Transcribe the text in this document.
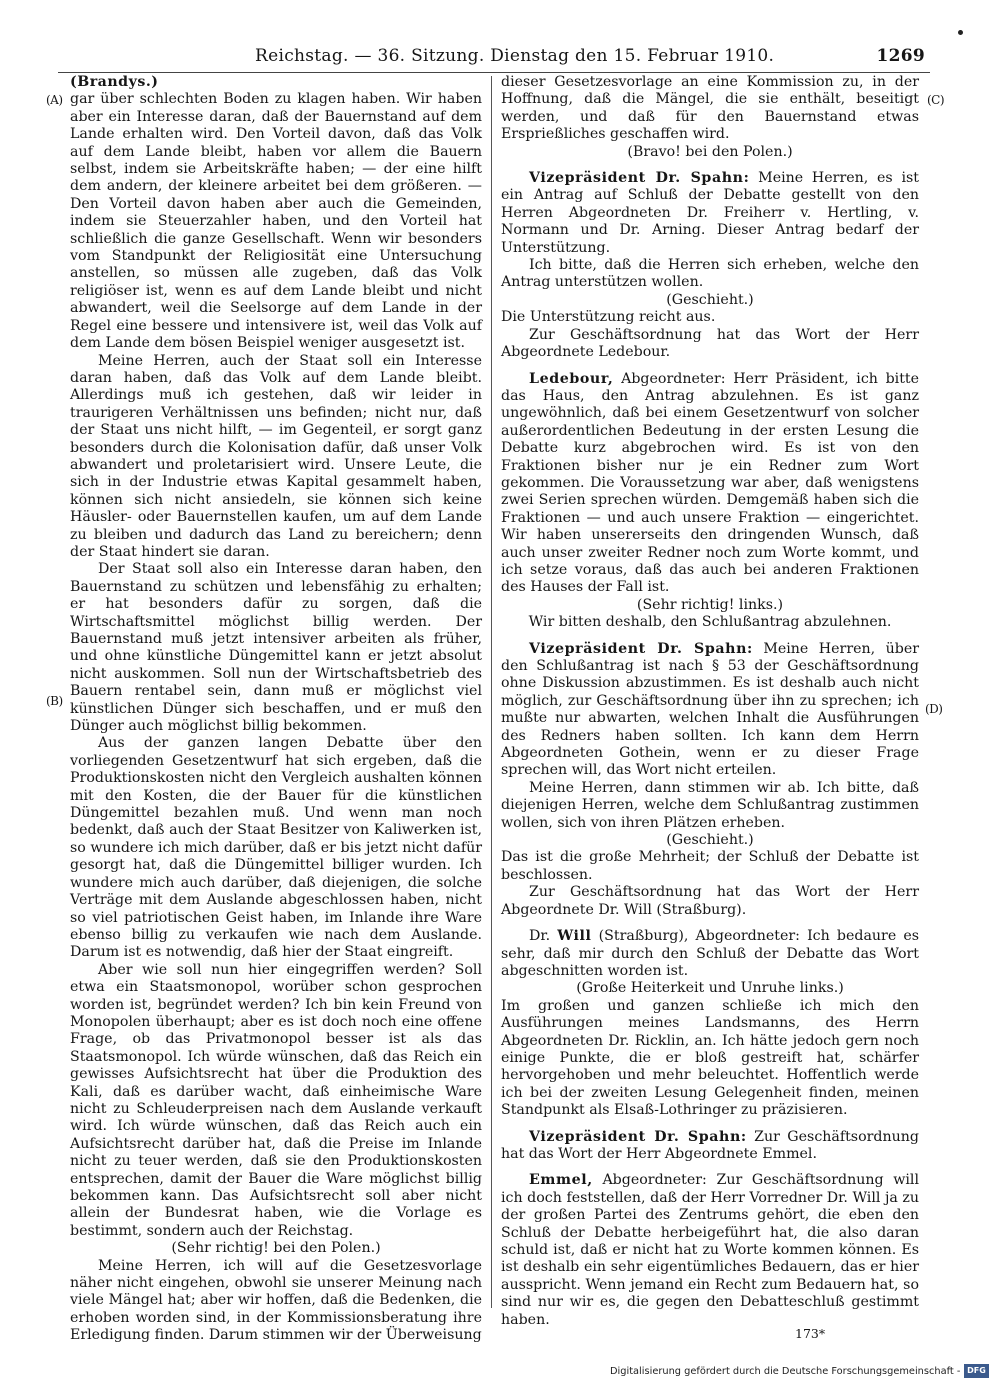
Reichstag. — 36. Sitzung. Dienstag den 15. Februar 1910.	1269
(A)
(B)
(C)
(D)

(Brandys.)

gar über schlechten Boden zu klagen haben. Wir haben aber ein Interesse daran, daß der Bauernstand auf dem Lande erhalten wird. Den Vorteil davon, daß das Volk auf dem Lande bleibt, haben vor allem die Bauern selbst, indem sie Arbeitskräfte haben; — der eine hilft dem andern, der kleinere arbeitet bei dem größeren. — Den Vorteil davon haben aber auch die Gemeinden, indem sie Steuerzahler haben, und den Vorteil hat schließlich die ganze Gesellschaft. Wenn wir besonders vom Standpunkt der Religiosität eine Untersuchung anstellen, so müssen alle zugeben, daß das Volk religiöser ist, wenn es auf dem Lande bleibt und nicht abwandert, weil die Seelsorge auf dem Lande in der Regel eine bessere und intensivere ist, weil das Volk auf dem Lande dem bösen Beispiel weniger ausgesetzt ist.

Meine Herren, auch der Staat soll ein Interesse daran haben, daß das Volk auf dem Lande bleibt. Allerdings muß ich gestehen, daß wir leider in traurigeren Verhältnissen uns befinden; nicht nur, daß der Staat uns nicht hilft, — im Gegenteil, er sorgt ganz besonders durch die Kolonisation dafür, daß unser Volk abwandert und proletarisiert wird. Unsere Leute, die sich in der Industrie etwas Kapital gesammelt haben, können sich nicht ansiedeln, sie können sich keine Häusler- oder Bauernstellen kaufen, um auf dem Lande zu bleiben und dadurch das Land zu bereichern; denn der Staat hindert sie daran.

Der Staat soll also ein Interesse daran haben, den Bauernstand zu schützen und lebensfähig zu erhalten; er hat besonders dafür zu sorgen, daß die Wirtschaftsmittel möglichst billig werden. Der Bauernstand muß jetzt intensiver arbeiten als früher, und ohne künstliche Düngemittel kann er jetzt absolut nicht auskommen. Soll nun der Wirtschaftsbetrieb des Bauern rentabel sein, dann muß er möglichst viel künstlichen Dünger sich beschaffen, und er muß den Dünger auch möglichst billig bekommen.

Aus der ganzen langen Debatte über den vorliegenden Gesetzentwurf hat sich ergeben, daß die Produktionskosten nicht den Vergleich aushalten können mit den Kosten, die der Bauer für die künstlichen Düngemittel bezahlen muß. Und wenn man noch bedenkt, daß auch der Staat Besitzer von Kaliwerken ist, so wundere ich mich darüber, daß er bis jetzt nicht dafür gesorgt hat, daß die Düngemittel billiger wurden. Ich wundere mich auch darüber, daß diejenigen, die solche Verträge mit dem Auslande abgeschlossen haben, nicht so viel patriotischen Geist haben, im Inlande ihre Ware ebenso billig zu verkaufen wie nach dem Auslande. Darum ist es notwendig, daß hier der Staat eingreift.

Aber wie soll nun hier eingegriffen werden? Soll etwa ein Staatsmonopol, worüber schon gesprochen worden ist, begründet werden? Ich bin kein Freund von Monopolen überhaupt; aber es ist doch noch eine offene Frage, ob das Privatmonopol besser ist als das Staatsmonopol. Ich würde wünschen, daß das Reich ein gewisses Aufsichtsrecht hat über die Produktion des Kali, daß es darüber wacht, daß einheimische Ware nicht zu Schleuderpreisen nach dem Auslande verkauft wird. Ich würde wünschen, daß das Reich auch ein Aufsichtsrecht darüber hat, daß die Preise im Inlande nicht zu teuer werden, daß sie den Produktionskosten entsprechen, damit der Bauer die Ware möglichst billig bekommen kann. Das Aufsichtsrecht soll aber nicht allein der Bundesrat haben, wie die Vorlage es bestimmt, sondern auch der Reichstag.

(Sehr richtig! bei den Polen.)

Meine Herren, ich will auf die Gesetzesvorlage näher nicht eingehen, obwohl sie unserer Meinung nach viele Mängel hat; aber wir hoffen, daß die Bedenken, die erhoben worden sind, in der Kommissionsberatung ihre Erledigung finden. Darum stimmen wir der Überweisung

dieser Gesetzesvorlage an eine Kommission zu, in der Hoffnung, daß die Mängel, die sie enthält, beseitigt werden, und daß für den Bauernstand etwas Ersprießliches geschaffen wird.

(Bravo! bei den Polen.)

Vizepräsident Dr. Spahn: Meine Herren, es ist ein Antrag auf Schluß der Debatte gestellt von den Herren Abgeordneten Dr. Freiherr v. Hertling, v. Normann und Dr. Arning. Dieser Antrag bedarf der Unterstützung.

Ich bitte, daß die Herren sich erheben, welche den Antrag unterstützen wollen.

(Geschieht.)

Die Unterstützung reicht aus.

Zur Geschäftsordnung hat das Wort der Herr Abgeordnete Ledebour.

Ledebour, Abgeordneter: Herr Präsident, ich bitte das Haus, den Antrag abzulehnen. Es ist ganz ungewöhnlich, daß bei einem Gesetzentwurf von solcher außerordentlichen Bedeutung in der ersten Lesung die Debatte kurz abgebrochen wird. Es ist von den Fraktionen bisher nur je ein Redner zum Wort gekommen. Die Voraussetzung war aber, daß wenigstens zwei Serien sprechen würden. Demgemäß haben sich die Fraktionen — und auch unsere Fraktion — eingerichtet. Wir haben unsererseits den dringenden Wunsch, daß auch unser zweiter Redner noch zum Worte kommt, und ich setze voraus, daß das auch bei anderen Fraktionen des Hauses der Fall ist.

(Sehr richtig! links.)

Wir bitten deshalb, den Schlußantrag abzulehnen.

Vizepräsident Dr. Spahn: Meine Herren, über den Schlußantrag ist nach § 53 der Geschäftsordnung ohne Diskussion abzustimmen. Es ist deshalb auch nicht möglich, zur Geschäftsordnung über ihn zu sprechen; ich mußte nur abwarten, welchen Inhalt die Ausführungen des Redners haben sollten. Ich kann dem Herrn Abgeordneten Gothein, wenn er zu dieser Frage sprechen will, das Wort nicht erteilen.

Meine Herren, dann stimmen wir ab. Ich bitte, daß diejenigen Herren, welche dem Schlußantrag zustimmen wollen, sich von ihren Plätzen erheben.

(Geschieht.)

Das ist die große Mehrheit; der Schluß der Debatte ist beschlossen.

Zur Geschäftsordnung hat das Wort der Herr Abgeordnete Dr. Will (Straßburg).

Dr. Will (Straßburg), Abgeordneter: Ich bedaure es sehr, daß mir durch den Schluß der Debatte das Wort abgeschnitten worden ist.

(Große Heiterkeit und Unruhe links.)

Im großen und ganzen schließe ich mich den Ausführungen meines Landsmanns, des Herrn Abgeordneten Dr. Ricklin, an. Ich hätte jedoch gern noch einige Punkte, die er bloß gestreift hat, schärfer hervorgehoben und mehr beleuchtet. Hoffentlich werde ich bei der zweiten Lesung Gelegenheit finden, meinen Standpunkt als Elsaß-Lothringer zu präzisieren.

Vizepräsident Dr. Spahn: Zur Geschäftsordnung hat das Wort der Herr Abgeordnete Emmel.

Emmel, Abgeordneter: Zur Geschäftsordnung will ich doch feststellen, daß der Herr Vorredner Dr. Will ja zu der großen Partei des Zentrums gehört, die eben den Schluß der Debatte herbeigeführt hat, die also daran schuld ist, daß er nicht hat zu Worte kommen können. Es ist deshalb ein sehr eigentümliches Bedauern, das er hier ausspricht. Wenn jemand ein Recht zum Bedauern hat, so sind nur wir es, die gegen den Debatteschluß gestimmt haben.

173*
Digitalisierung gefördert durch die Deutsche Forschungsgemeinschaft - DFG
